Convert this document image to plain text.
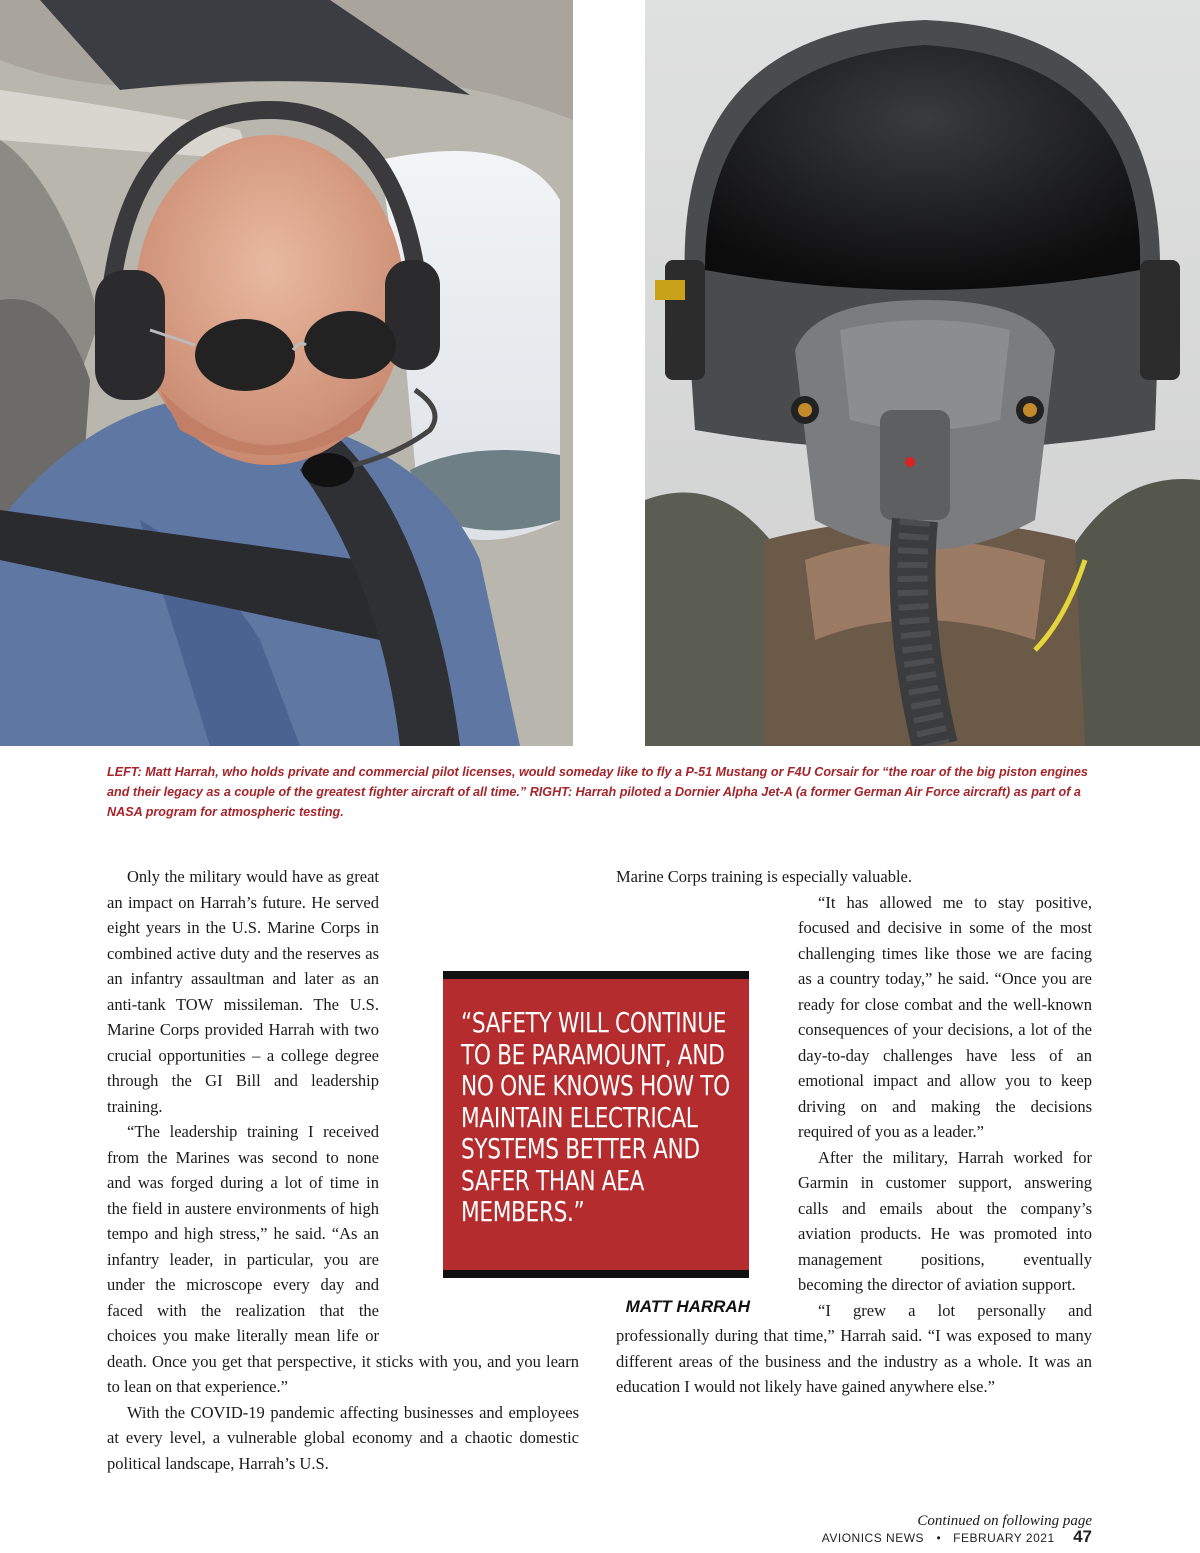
LEFT: Matt Harrah, who holds private and commercial pilot licenses, would someday like to fly a P-51 Mustang or F4U Corsair for “the roar of the big piston engines and their legacy as a couple of the greatest fighter aircraft of all time.” RIGHT: Harrah piloted a Dornier Alpha Jet-A (a former German Air Force aircraft) as part of a NASA program for atmospheric testing.

Only the military would have as great an impact on Harrah’s future. He served eight years in the U.S. Marine Corps in combined active duty and the reserves as an infantry assaultman and later as an anti-tank TOW missileman. The U.S. Marine Corps provided Harrah with two crucial opportunities – a college degree through the GI Bill and leadership training.

“The leadership training I received from the Marines was second to none and was forged during a lot of time in the field in austere environments of high tempo and high stress,” he said. “As an infantry leader, in particular, you are under the microscope every day and faced with the realization that the choices you make literally mean life or death. Once you get that perspective, it sticks with you, and you learn to lean on that experience.”

With the COVID-19 pandemic affecting businesses and employees at every level, a vulnerable global economy and a chaotic domestic political landscape, Harrah’s U.S.

Marine Corps training is especially valuable.

“It has allowed me to stay positive, focused and decisive in some of the most challenging times like those we are facing as a country today,” he said. “Once you are ready for close combat and the well-known consequences of your decisions, a lot of the day-to-day challenges have less of an emotional impact and allow you to keep driving on and making the decisions required of you as a leader.”

After the military, Harrah worked for Garmin in customer support, answering calls and emails about the company’s aviation products. He was promoted into management positions, eventually becoming the director of aviation support.

“I grew a lot personally and professionally during that time,” Harrah said. “I was exposed to many different areas of the business and the industry as a whole. It was an education I would not likely have gained anywhere else.”

“SAFETY WILL CONTINUE TO BE PARAMOUNT, AND NO ONE KNOWS HOW TO MAINTAIN ELECTRICAL SYSTEMS BETTER AND SAFER THAN AEA MEMBERS.”

MATT HARRAH

Continued on following page

AVIONICS NEWS • FEBRUARY 2021 47
